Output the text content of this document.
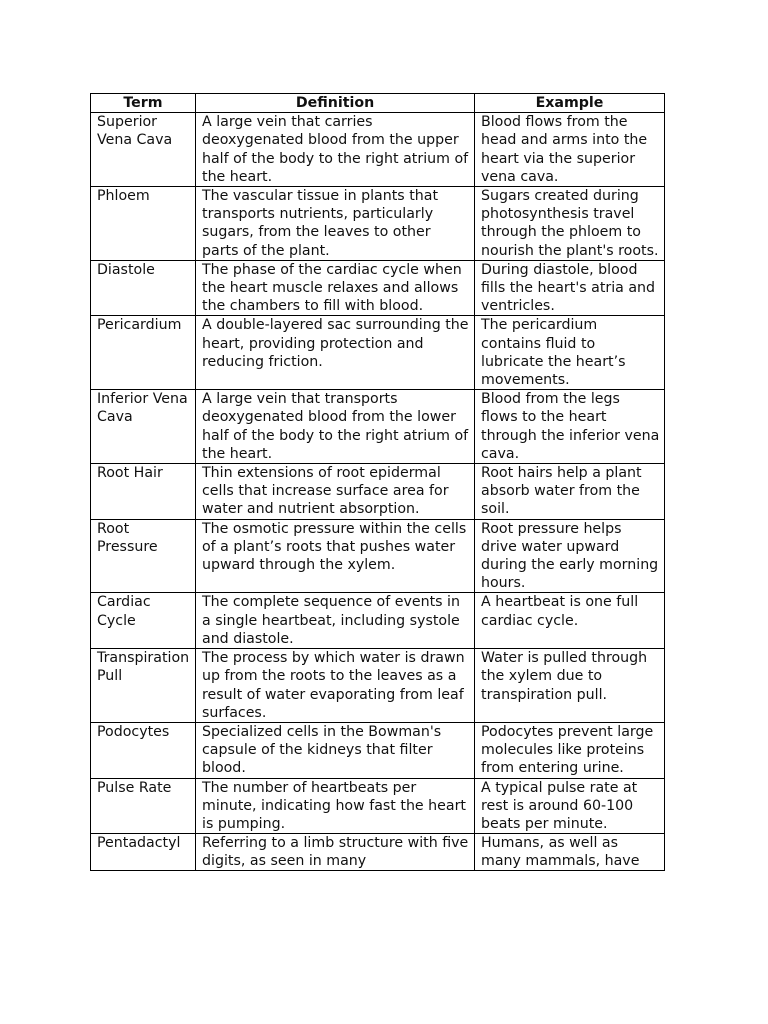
Term	Definition	Example
Superior Vena Cava	A large vein that carries deoxygenated blood from the upper half of the body to the right atrium of the heart.	Blood flows from the head and arms into the heart via the superior vena cava.
Phloem	The vascular tissue in plants that transports nutrients, particularly sugars, from the leaves to other parts of the plant.	Sugars created during photosynthesis travel through the phloem to nourish the plant's roots.
Diastole	The phase of the cardiac cycle when the heart muscle relaxes and allows the chambers to fill with blood.	During diastole, blood fills the heart's atria and ventricles.
Pericardium	A double-layered sac surrounding the heart, providing protection and reducing friction.	The pericardium contains fluid to lubricate the heart’s movements.
Inferior Vena Cava	A large vein that transports deoxygenated blood from the lower half of the body to the right atrium of the heart.	Blood from the legs flows to the heart through the inferior vena cava.
Root Hair	Thin extensions of root epidermal cells that increase surface area for water and nutrient absorption.	Root hairs help a plant absorb water from the soil.
Root Pressure	The osmotic pressure within the cells of a plant’s roots that pushes water upward through the xylem.	Root pressure helps drive water upward during the early morning hours.
Cardiac Cycle	The complete sequence of events in a single heartbeat, including systole and diastole.	A heartbeat is one full cardiac cycle.
Transpiration Pull	The process by which water is drawn up from the roots to the leaves as a result of water evaporating from leaf surfaces.	Water is pulled through the xylem due to transpiration pull.
Podocytes	Specialized cells in the Bowman's capsule of the kidneys that filter blood.	Podocytes prevent large molecules like proteins from entering urine.
Pulse Rate	The number of heartbeats per minute, indicating how fast the heart is pumping.	A typical pulse rate at rest is around 60-100 beats per minute.

Pentadactyl	Referring to a limb structure with five digits, as seen in many	Humans, as well as many mammals, have
